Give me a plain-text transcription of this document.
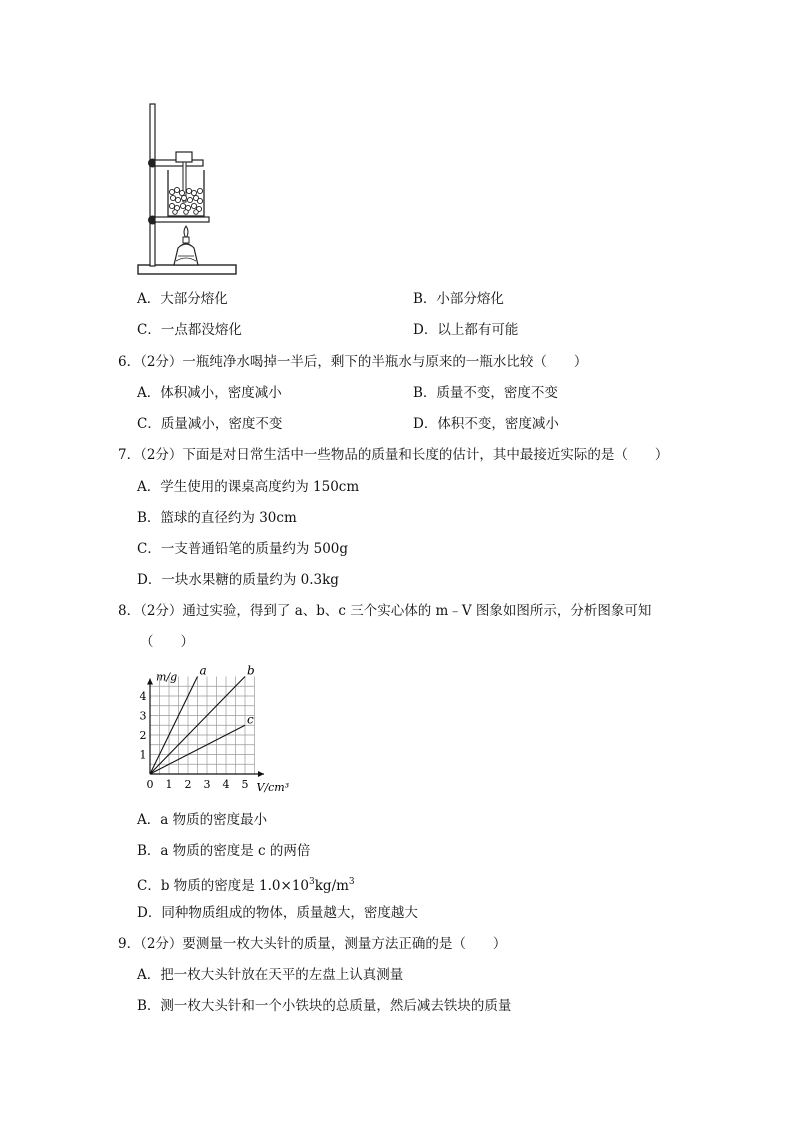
A．大部分熔化	B．小部分熔化
C．一点都没熔化	D．以上都有可能
6．（2分）一瓶纯净水喝掉一半后，剩下的半瓶水与原来的一瓶水比较（　　）
A．体积减小，密度减小	B．质量不变，密度不变
C．质量减小，密度不变	D．体积不变，密度减小
7．（2分）下面是对日常生活中一些物品的质量和长度的估计，其中最接近实际的是（　　）
A．学生使用的课桌高度约为 150cm
B．篮球的直径约为 30cm
C．一支普通铅笔的质量约为 500g
D．一块水果糖的质量约为 0.3kg
8．（2分）通过实验，得到了 a、b、c 三个实心体的 m﹣V 图象如图所示，分析图象可知
（　　）
0 1 2 3 4 5
1
2
3
4
m/g
V/cm³
a	b
c
A．a 物质的密度最小
B．a 物质的密度是 c 的两倍
C．b 物质的密度是 $1.0\times 10^3kg/m^3$
D．同种物质组成的物体，质量越大，密度越大
9．（2分）要测量一枚大头针的质量，测量方法正确的是（　　）
A．把一枚大头针放在天平的左盘上认真测量
B．测一枚大头针和一个小铁块的总质量，然后减去铁块的质量
